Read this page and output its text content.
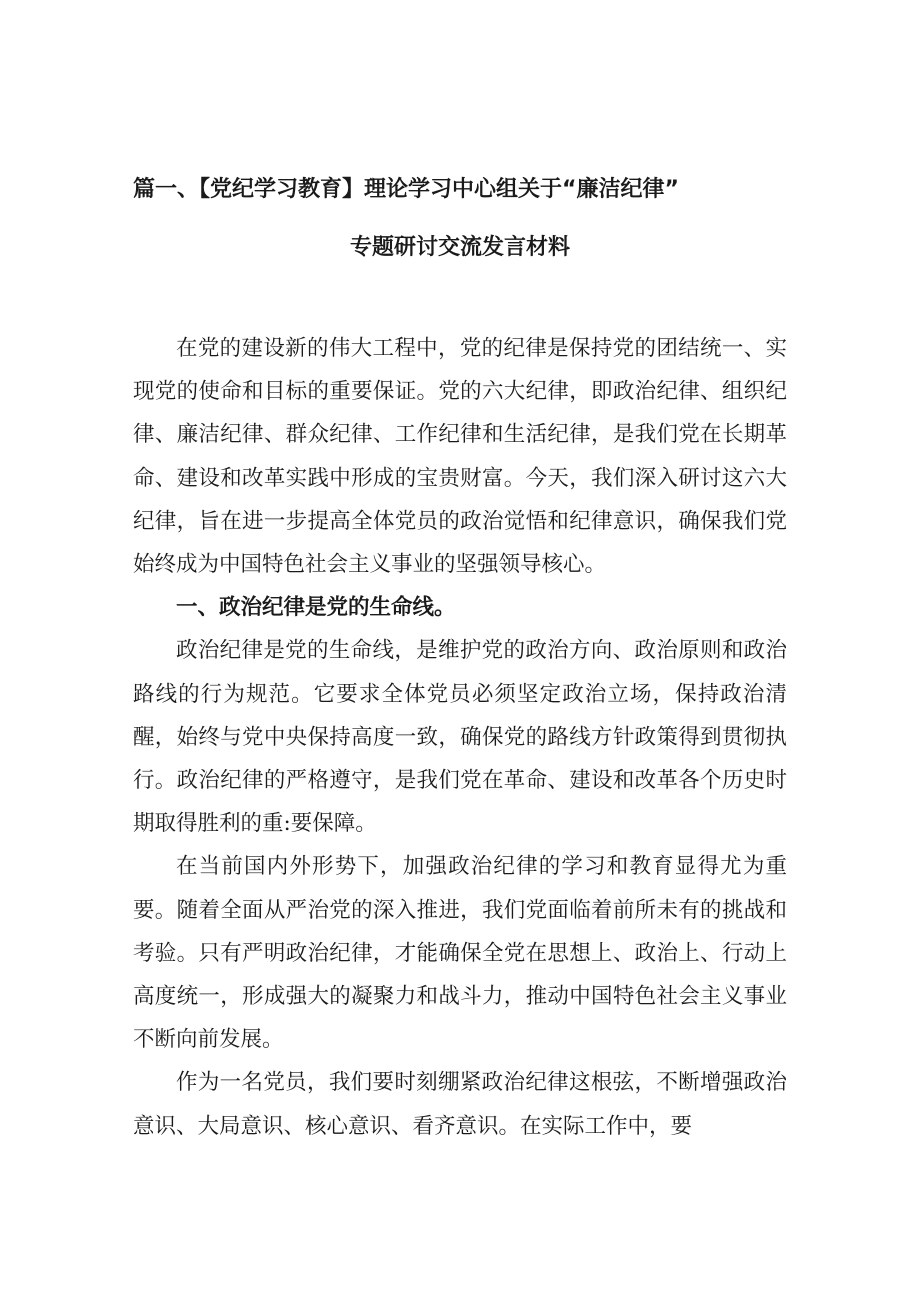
篇一、【党纪学习教育】理论学习中心组关于“廉洁纪律”
专题研讨交流发言材料

在党的建设新的伟大工程中，党的纪律是保持党的团结统一、实现党的使命和目标的重要保证。党的六大纪律，即政治纪律、组织纪律、廉洁纪律、群众纪律、工作纪律和生活纪律，是我们党在长期革命、建设和改革实践中形成的宝贵财富。今天，我们深入研讨这六大纪律，旨在进一步提高全体党员的政治觉悟和纪律意识，确保我们党始终成为中国特色社会主义事业的坚强领导核心。

一、政治纪律是党的生命线。

政治纪律是党的生命线，是维护党的政治方向、政治原则和政治路线的行为规范。它要求全体党员必须坚定政治立场，保持政治清醒，始终与党中央保持高度一致，确保党的路线方针政策得到贯彻执行。政治纪律的严格遵守，是我们党在革命、建设和改革各个历史时期取得胜利的重:要保障。

在当前国内外形势下，加强政治纪律的学习和教育显得尤为重要。随着全面从严治党的深入推进，我们党面临着前所未有的挑战和考验。只有严明政治纪律，才能确保全党在思想上、政治上、行动上高度统一，形成强大的凝聚力和战斗力，推动中国特色社会主义事业不断向前发展。

作为一名党员，我们要时刻绷紧政治纪律这根弦，不断增强政治意识、大局意识、核心意识、看齐意识。在实际工作中，要
